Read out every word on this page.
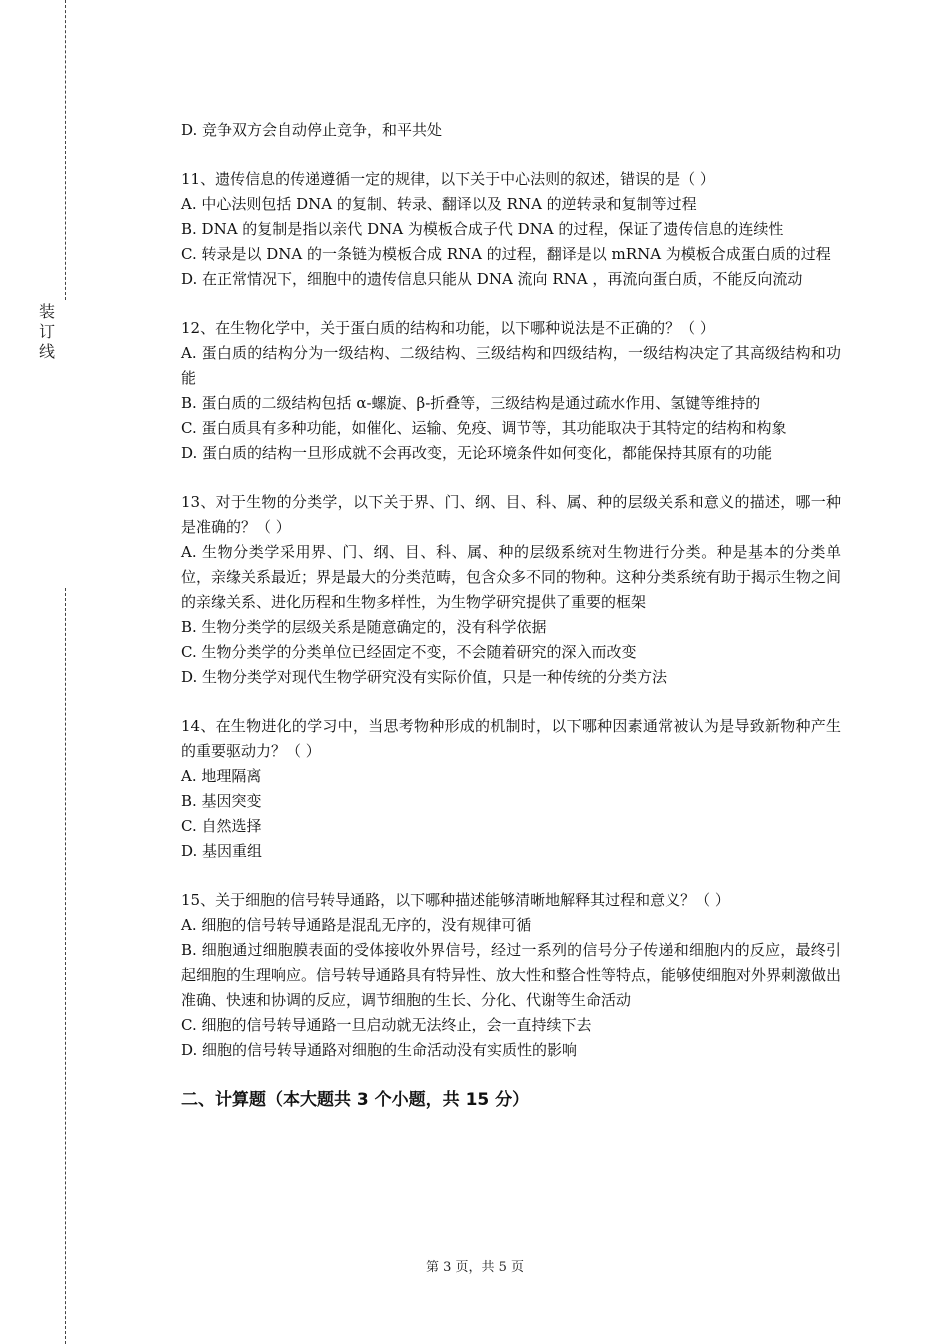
装
订
线

D. 竞争双方会自动停止竞争，和平共处

11、遗传信息的传递遵循一定的规律，以下关于中心法则的叙述，错误的是（ ）

A. 中心法则包括 DNA 的复制、转录、翻译以及 RNA 的逆转录和复制等过程

B. DNA 的复制是指以亲代 DNA 为模板合成子代 DNA 的过程，保证了遗传信息的连续性

C. 转录是以 DNA 的一条链为模板合成 RNA 的过程，翻译是以 mRNA 为模板合成蛋白质的过程

D. 在正常情况下，细胞中的遗传信息只能从 DNA 流向 RNA ，再流向蛋白质，不能反向流动

12、在生物化学中，关于蛋白质的结构和功能，以下哪种说法是不正确的？（ ）

A. 蛋白质的结构分为一级结构、二级结构、三级结构和四级结构，一级结构决定了其高级结构和功能

B. 蛋白质的二级结构包括 α-螺旋、β-折叠等，三级结构是通过疏水作用、氢键等维持的

C. 蛋白质具有多种功能，如催化、运输、免疫、调节等，其功能取决于其特定的结构和构象

D. 蛋白质的结构一旦形成就不会再改变，无论环境条件如何变化，都能保持其原有的功能

13、对于生物的分类学，以下关于界、门、纲、目、科、属、种的层级关系和意义的描述，哪一种是准确的？（ ）

A. 生物分类学采用界、门、纲、目、科、属、种的层级系统对生物进行分类。种是基本的分类单位，亲缘关系最近；界是最大的分类范畴，包含众多不同的物种。这种分类系统有助于揭示生物之间的亲缘关系、进化历程和生物多样性，为生物学研究提供了重要的框架

B. 生物分类学的层级关系是随意确定的，没有科学依据

C. 生物分类学的分类单位已经固定不变，不会随着研究的深入而改变

D. 生物分类学对现代生物学研究没有实际价值，只是一种传统的分类方法

14、在生物进化的学习中，当思考物种形成的机制时，以下哪种因素通常被认为是导致新物种产生的重要驱动力？（ ）

A. 地理隔离

B. 基因突变

C. 自然选择

D. 基因重组

15、关于细胞的信号转导通路，以下哪种描述能够清晰地解释其过程和意义？（ ）

A. 细胞的信号转导通路是混乱无序的，没有规律可循

B. 细胞通过细胞膜表面的受体接收外界信号，经过一系列的信号分子传递和细胞内的反应，最终引起细胞的生理响应。信号转导通路具有特异性、放大性和整合性等特点，能够使细胞对外界刺激做出准确、快速和协调的反应，调节细胞的生长、分化、代谢等生命活动

C. 细胞的信号转导通路一旦启动就无法终止，会一直持续下去

D. 细胞的信号转导通路对细胞的生命活动没有实质性的影响

二、计算题（本大题共 3 个小题，共 15 分）

第 3 页，共 5 页
